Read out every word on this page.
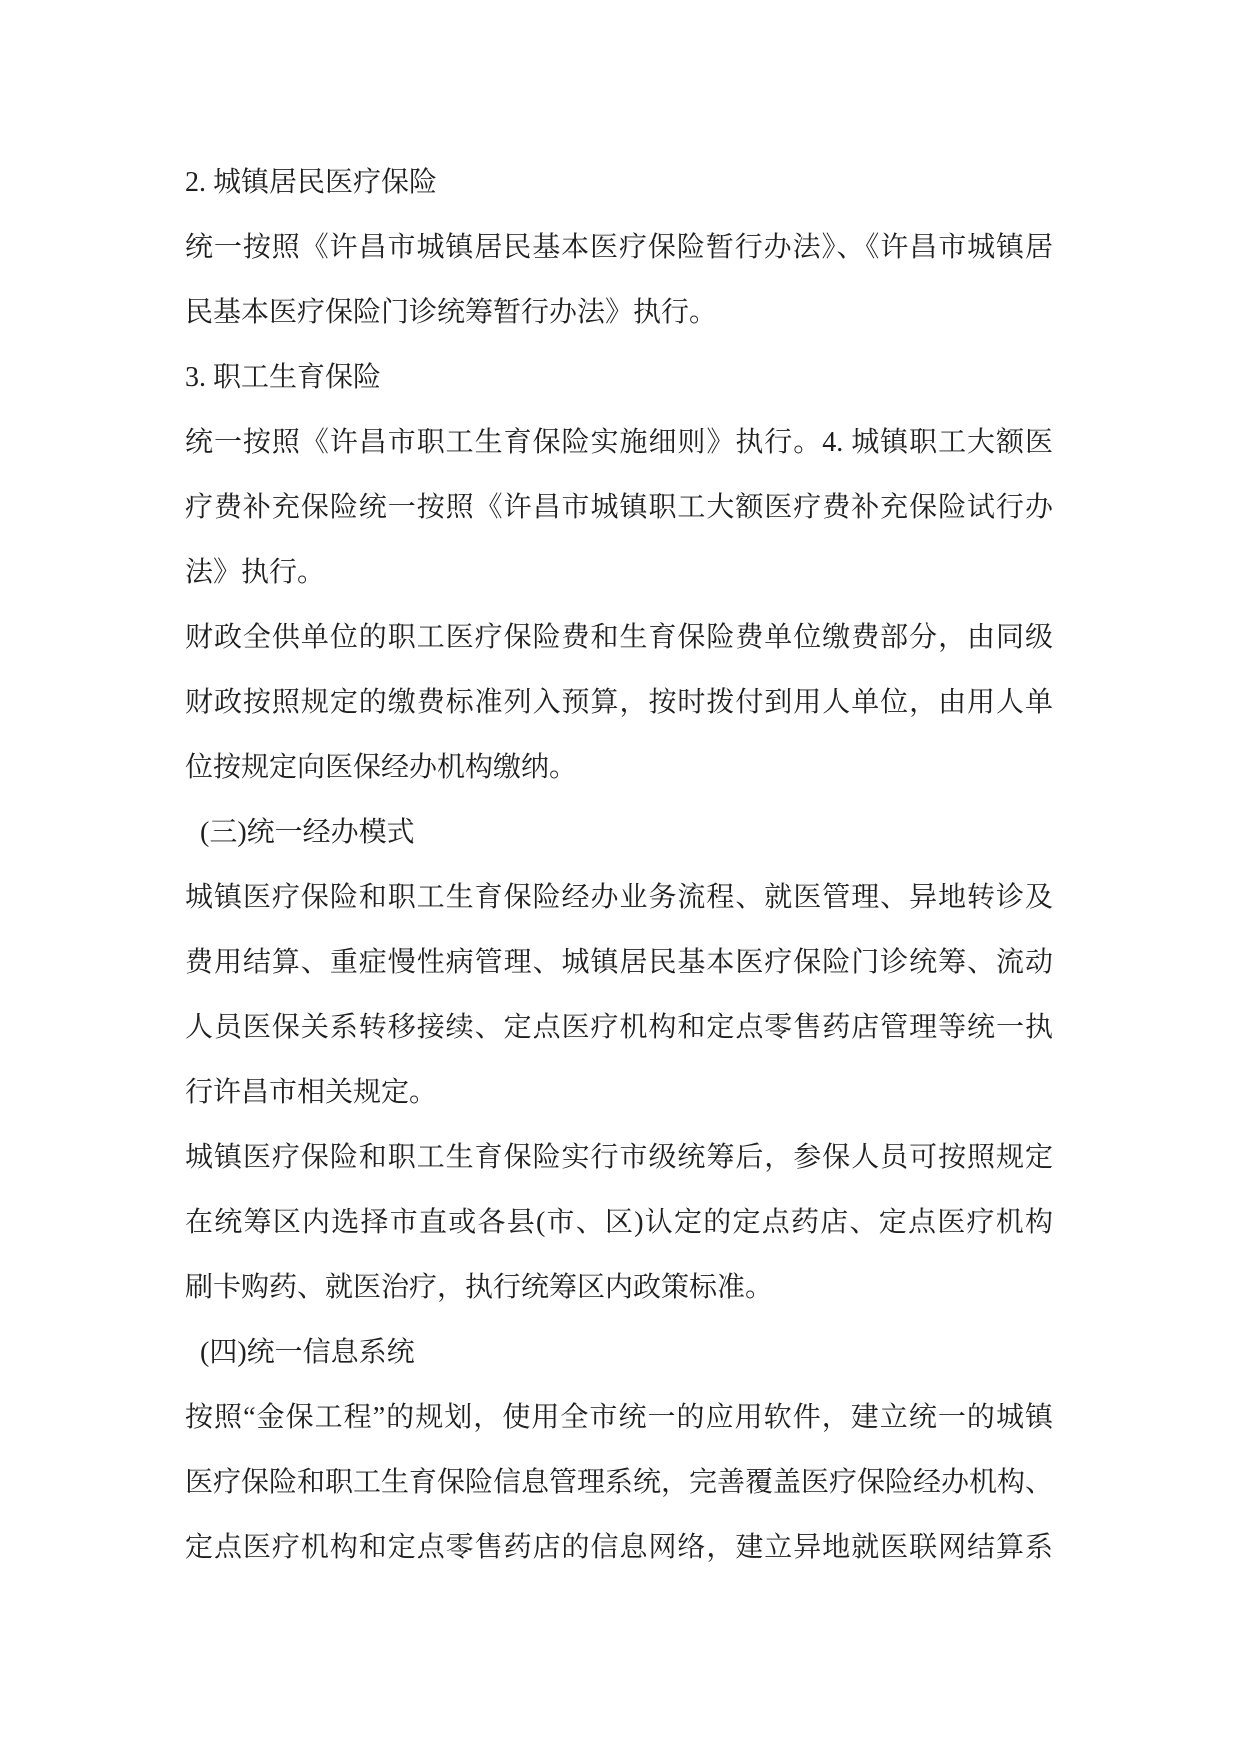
2. 城镇居民医疗保险
统一按照《许昌市城镇居民基本医疗保险暂行办法》、《许昌市城镇居
民基本医疗保险门诊统筹暂行办法》执行。
3. 职工生育保险
统一按照《许昌市职工生育保险实施细则》执行。4. 城镇职工大额医
疗费补充保险统一按照《许昌市城镇职工大额医疗费补充保险试行办
法》执行。
财政全供单位的职工医疗保险费和生育保险费单位缴费部分，由同级
财政按照规定的缴费标准列入预算，按时拨付到用人单位，由用人单
位按规定向医保经办机构缴纳。
(三)统一经办模式
城镇医疗保险和职工生育保险经办业务流程、就医管理、异地转诊及
费用结算、重症慢性病管理、城镇居民基本医疗保险门诊统筹、流动
人员医保关系转移接续、定点医疗机构和定点零售药店管理等统一执
行许昌市相关规定。
城镇医疗保险和职工生育保险实行市级统筹后，参保人员可按照规定
在统筹区内选择市直或各县(市、区)认定的定点药店、定点医疗机构
刷卡购药、就医治疗，执行统筹区内政策标准。
(四)统一信息系统
按照“金保工程”的规划，使用全市统一的应用软件，建立统一的城镇
医疗保险和职工生育保险信息管理系统，完善覆盖医疗保险经办机构、
定点医疗机构和定点零售药店的信息网络，建立异地就医联网结算系
